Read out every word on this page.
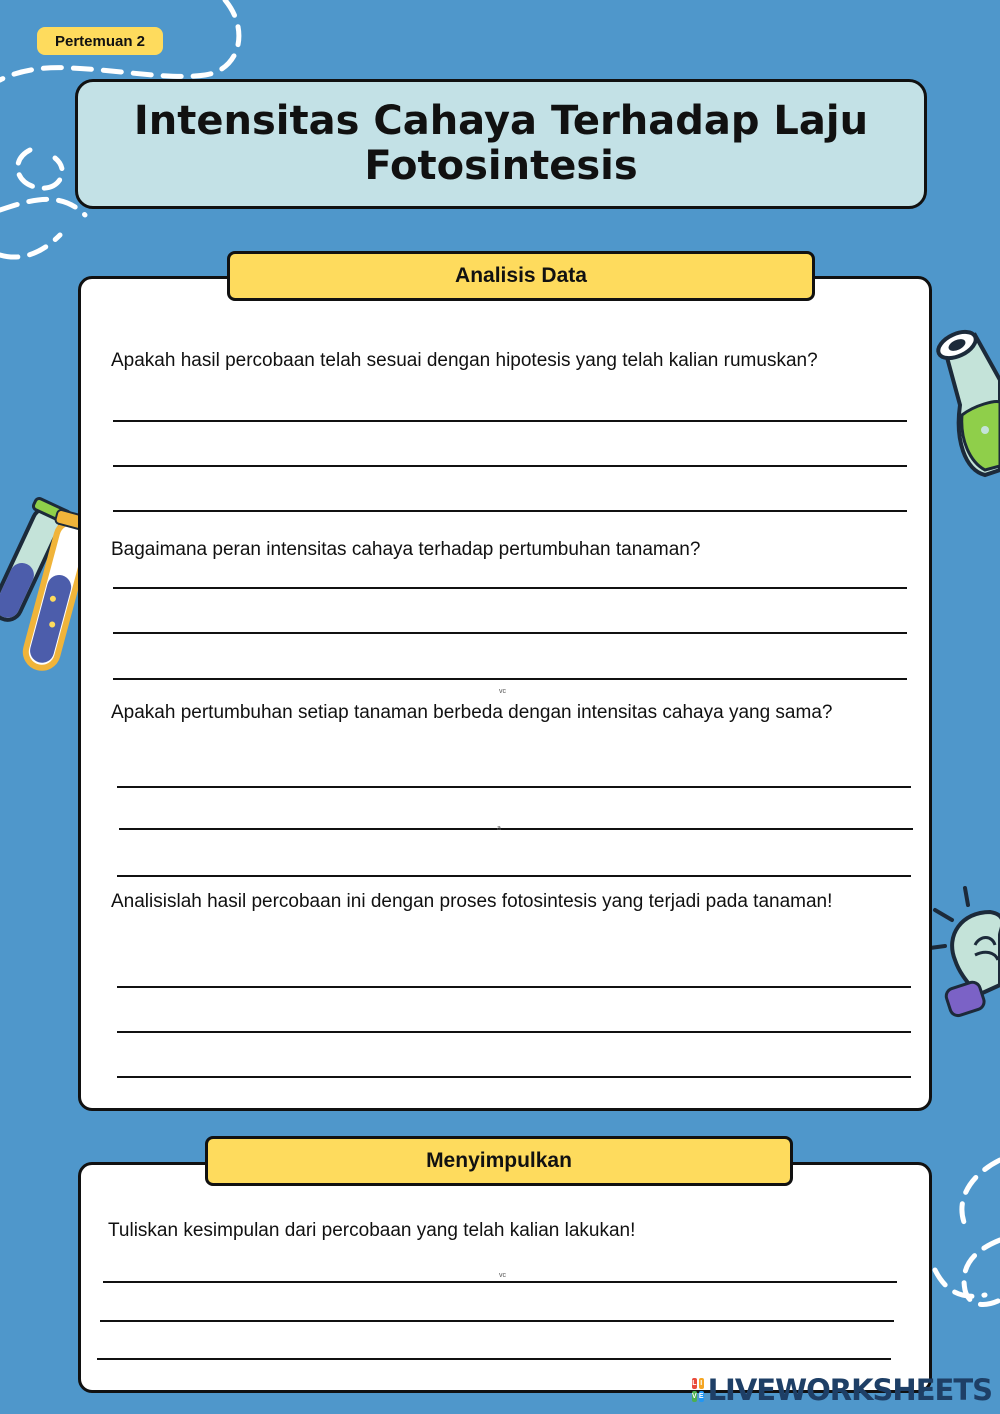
Pertemuan 2
Intensitas Cahaya Terhadap Laju Fotosintesis
Analisis Data

Apakah hasil percobaan telah sesuai dengan hipotesis yang telah kalian rumuskan?

Bagaimana peran intensitas cahaya terhadap pertumbuhan tanaman?

vc

Apakah pertumbuhan setiap tanaman berbeda dengan intensitas cahaya yang sama?

a

Analisislah hasil percobaan ini dengan proses fotosintesis yang terjadi pada tanaman!

Menyimpulkan

Tuliskan kesimpulan dari percobaan yang telah kalian lakukan!

vc
L I
V E LIVEWORKSHEETS
